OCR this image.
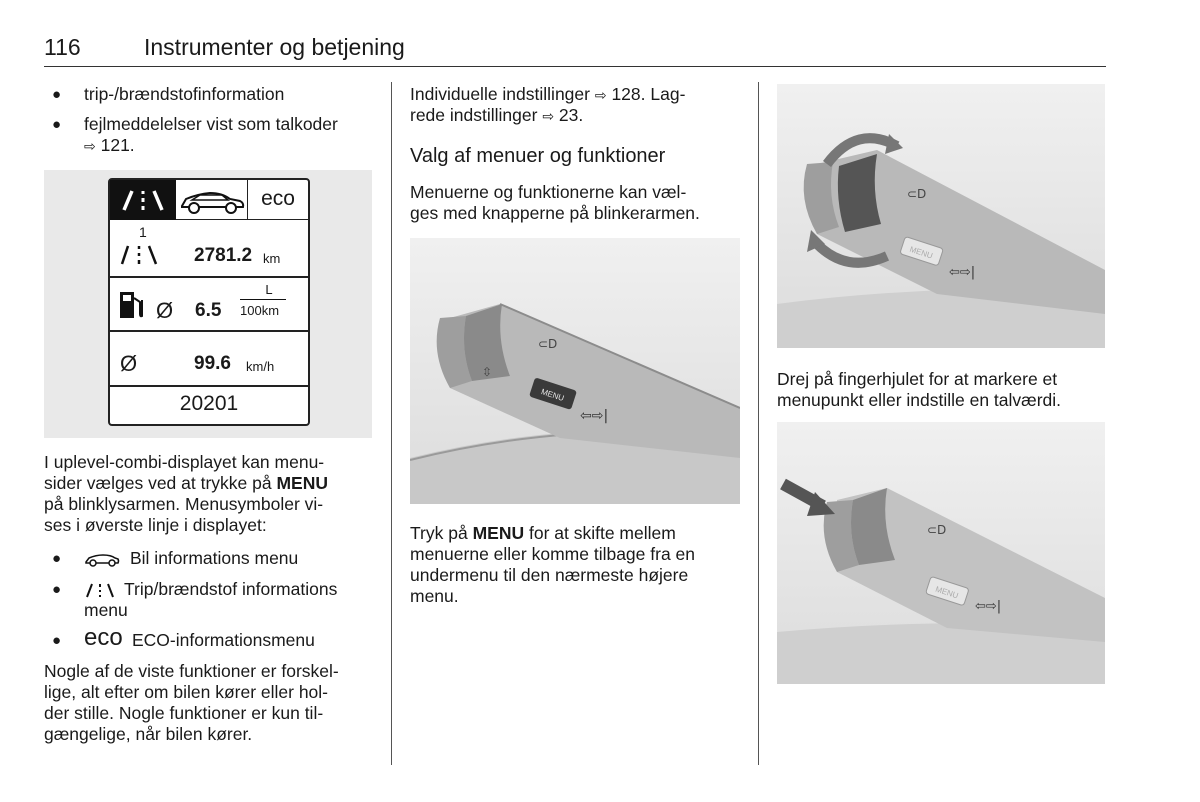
116	Instrumenter og betjening
● trip-/brændstofinformation
● fejlmeddelelser vist som talkoder
⇨ 121.
eco
1
2781.2 km
Ø 6.5
L
100km
Ø	99.6 km/h
20201
I uplevel-combi-displayet kan menu-
sider vælges ved at trykke på MENU
på blinklysarmen. Menusymboler vi-
ses i øverste linje i displayet:
●	Bil informations menu
●	Trip/brændstof informations
menu
● eco ECO-informationsmenu
Nogle af de viste funktioner er forskel-
lige, alt efter om bilen kører eller hol-
der stille. Nogle funktioner er kun til-
gængelige, når bilen kører.
Individuelle indstillinger ⇨ 128. Lag-
rede indstillinger ⇨ 23.
Valg af menuer og funktioner
Menuerne og funktionerne kan væl-
ges med knapperne på blinkerarmen.
MENU
⇦⇨|
⊂D
⇳
Tryk på MENU for at skifte mellem
menuerne eller komme tilbage fra en
undermenu til den nærmeste højere
menu.
MENU
⇦⇨|
⊂D
Drej på fingerhjulet for at markere et
menupunkt eller indstille en talværdi.
MENU
⇦⇨|
⊂D
